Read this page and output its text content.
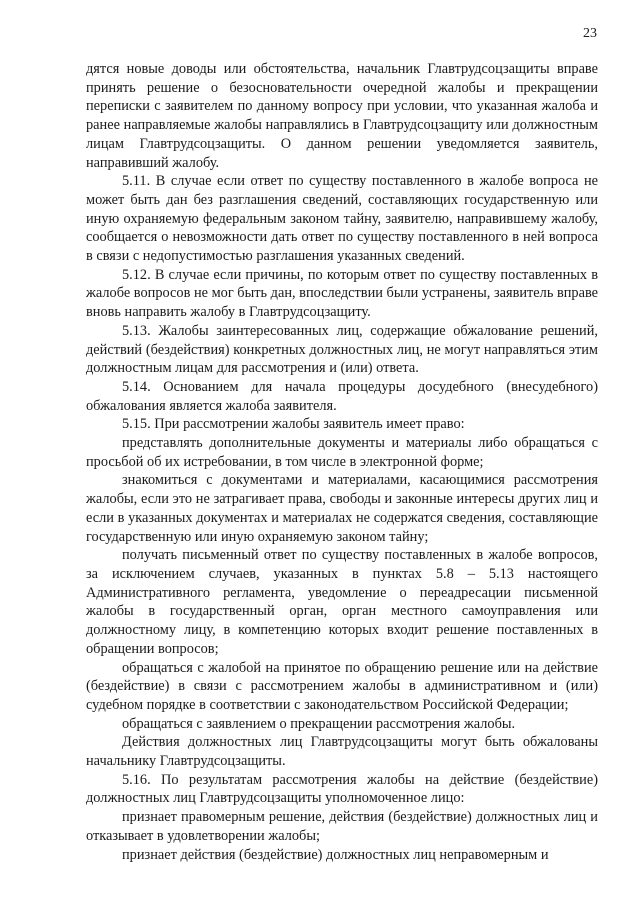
23

дятся новые доводы или обстоятельства, начальник Главтрудсоцзащиты вправе принять решение о безосновательности очередной жалобы и прекращении переписки с заявителем по данному вопросу при условии, что указанная жалоба и ранее направляемые жалобы направлялись в Главтрудсоцзащиту или должностным лицам Главтрудсоцзащиты. О данном решении уведомляется заявитель, направивший жалобу.

5.11. В случае если ответ по существу поставленного в жалобе вопроса не может быть дан без разглашения сведений, составляющих государственную или иную охраняемую федеральным законом тайну, заявителю, направившему жалобу, сообщается о невозможности дать ответ по существу поставленного в ней вопроса в связи с недопустимостью разглашения указанных сведений.

5.12. В случае если причины, по которым ответ по существу поставленных в жалобе вопросов не мог быть дан, впоследствии были устранены, заявитель вправе вновь направить жалобу в Главтрудсоцзащиту.

5.13. Жалобы заинтересованных лиц, содержащие обжалование решений, действий (бездействия) конкретных должностных лиц, не могут направляться этим должностным лицам для рассмотрения и (или) ответа.

5.14. Основанием для начала процедуры досудебного (внесудебного) обжалования является жалоба заявителя.

5.15. При рассмотрении жалобы заявитель имеет право:

представлять дополнительные документы и материалы либо обращаться с просьбой об их истребовании, в том числе в электронной форме;

знакомиться с документами и материалами, касающимися рассмотрения жалобы, если это не затрагивает права, свободы и законные интересы других лиц и если в указанных документах и материалах не содержатся сведения, составляющие государственную или иную охраняемую законом тайну;

получать письменный ответ по существу поставленных в жалобе вопросов, за исключением случаев, указанных в пунктах 5.8 – 5.13 настоящего Административного регламента, уведомление о переадресации письменной жалобы в государственный орган, орган местного самоуправления или должностному лицу, в компетенцию которых входит решение поставленных в обращении вопросов;

обращаться с жалобой на принятое по обращению решение или на действие (бездействие) в связи с рассмотрением жалобы в административном и (или) судебном порядке в соответствии с законодательством Российской Федерации;

обращаться с заявлением о прекращении рассмотрения жалобы.

Действия должностных лиц Главтрудсоцзащиты могут быть обжалованы начальнику Главтрудсоцзащиты.

5.16. По результатам рассмотрения жалобы на действие (бездействие) должностных лиц Главтрудсоцзащиты уполномоченное лицо:

признает правомерным решение, действия (бездействие) должностных лиц и отказывает в удовлетворении жалобы;

признает действия (бездействие) должностных лиц неправомерным и
